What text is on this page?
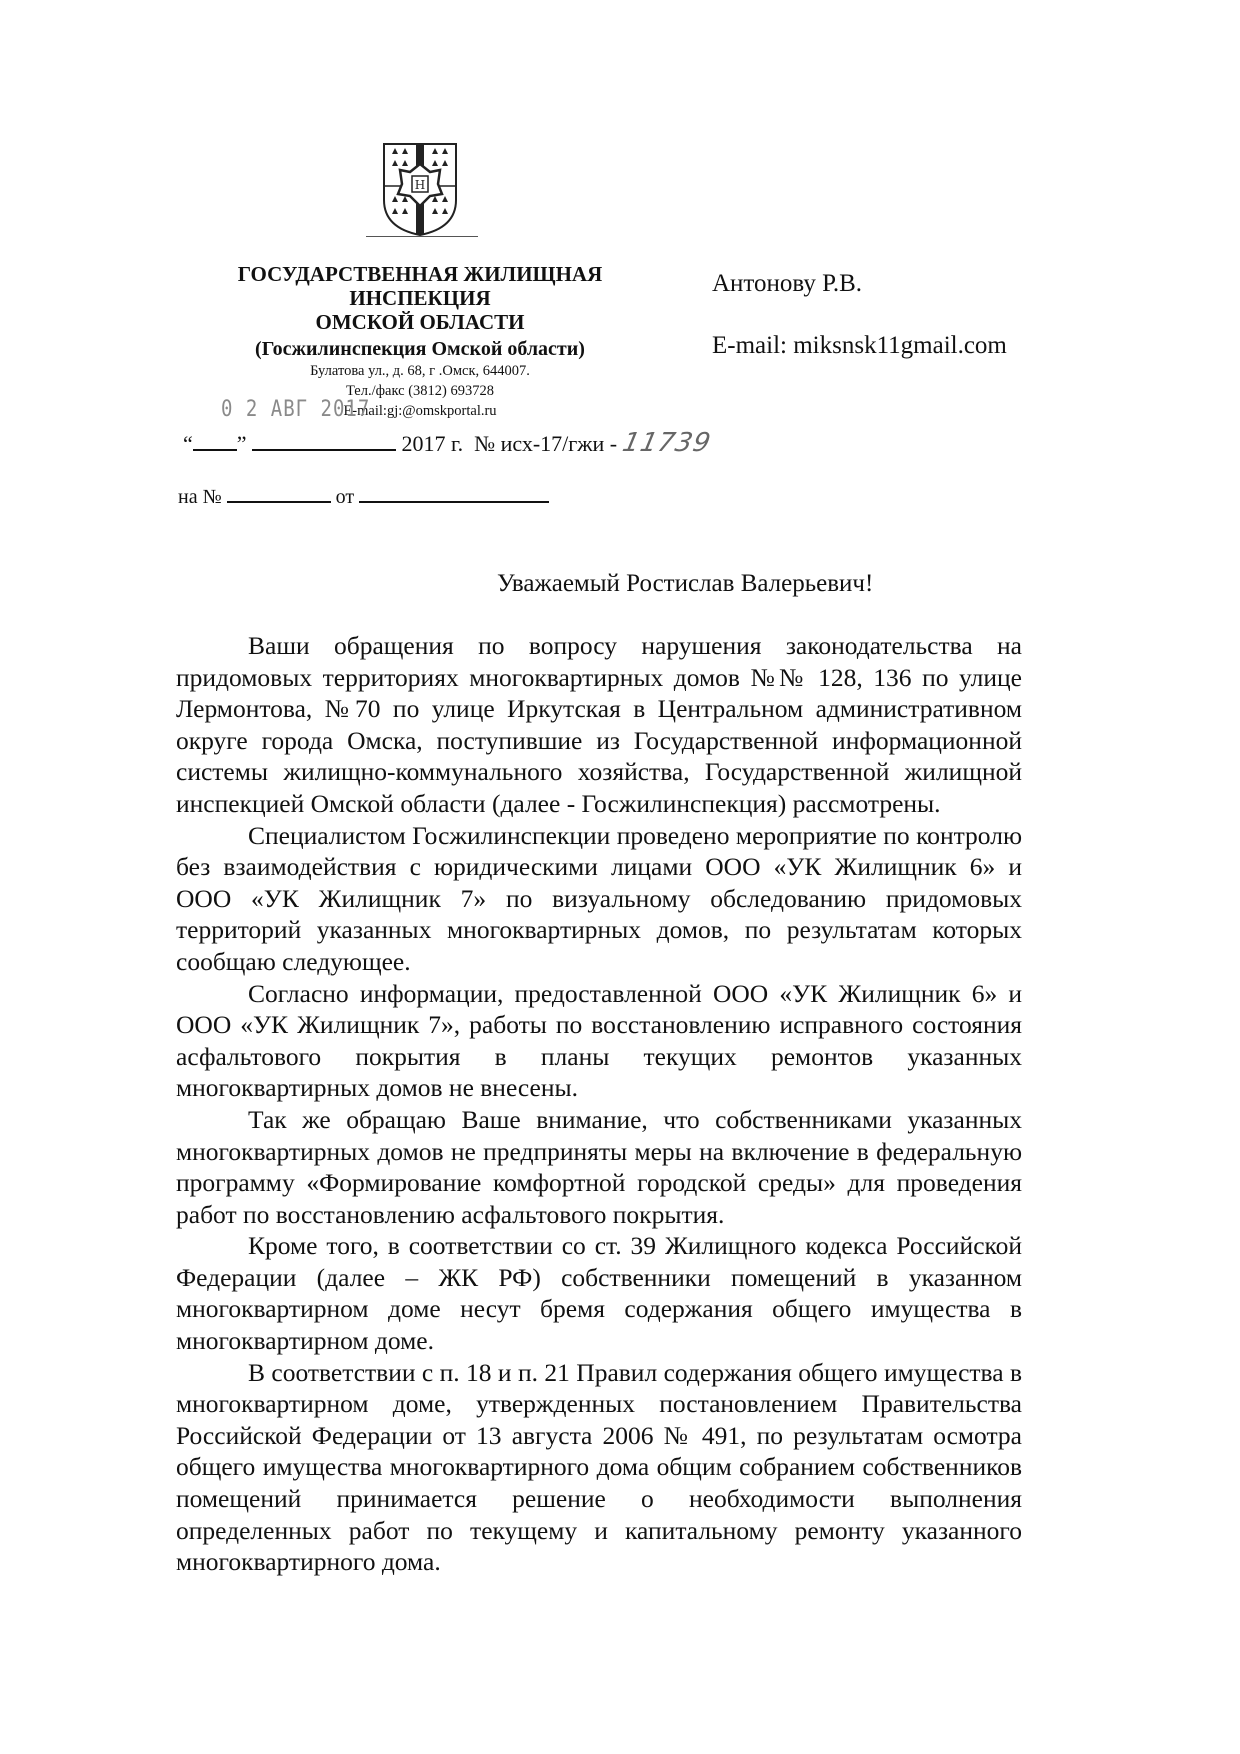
Н
ГОСУДАРСТВЕННАЯ ЖИЛИЩНАЯ
ИНСПЕКЦИЯ
ОМСКОЙ ОБЛАСТИ
(Госжилинспекция Омской области)
Булатова ул., д. 68, г .Омск, 644007.
Тел./факс (3812) 693728
E-mail:gj:@omskportal.ru
0 2 АВГ 2017
“ ”	2017 г. № исх-17/гжи - 11739
на №	от
Антонову Р.В.
E-mail: miksnsk11gmail.com
Уважаемый Ростислав Валерьевич!

Ваши обращения по вопросу нарушения законодательства на придомовых территориях многоквартирных домов №№ 128, 136 по улице Лермонтова, №70 по улице Иркутская в Центральном административном округе города Омска, поступившие из Государственной информационной системы жилищно-коммунального хозяйства, Государственной жилищной инспекцией Омской области (далее - Госжилинспекция) рассмотрены.

Специалистом Госжилинспекции проведено мероприятие по контролю без взаимодействия с юридическими лицами ООО «УК Жилищник 6» и ООО «УК Жилищник 7» по визуальному обследованию придомовых территорий указанных многоквартирных домов, по результатам которых сообщаю следующее.

Согласно информации, предоставленной ООО «УК Жилищник 6» и ООО «УК Жилищник 7», работы по восстановлению исправного состояния асфальтового покрытия в планы текущих ремонтов указанных многоквартирных домов не внесены.

Так же обращаю Ваше внимание, что собственниками указанных многоквартирных домов не предприняты меры на включение в федеральную программу «Формирование комфортной городской среды» для проведения работ по восстановлению асфальтового покрытия.

Кроме того, в соответствии со ст. 39 Жилищного кодекса Российской Федерации (далее – ЖК РФ) собственники помещений в указанном многоквартирном доме несут бремя содержания общего имущества в многоквартирном доме.

В соответствии с п. 18 и п. 21 Правил содержания общего имущества в многоквартирном доме, утвержденных постановлением Правительства Российской Федерации от 13 августа 2006 № 491, по результатам осмотра общего имущества многоквартирного дома общим собранием собственников помещений принимается решение о необходимости выполнения определенных работ по текущему и капитальному ремонту указанного многоквартирного дома.
